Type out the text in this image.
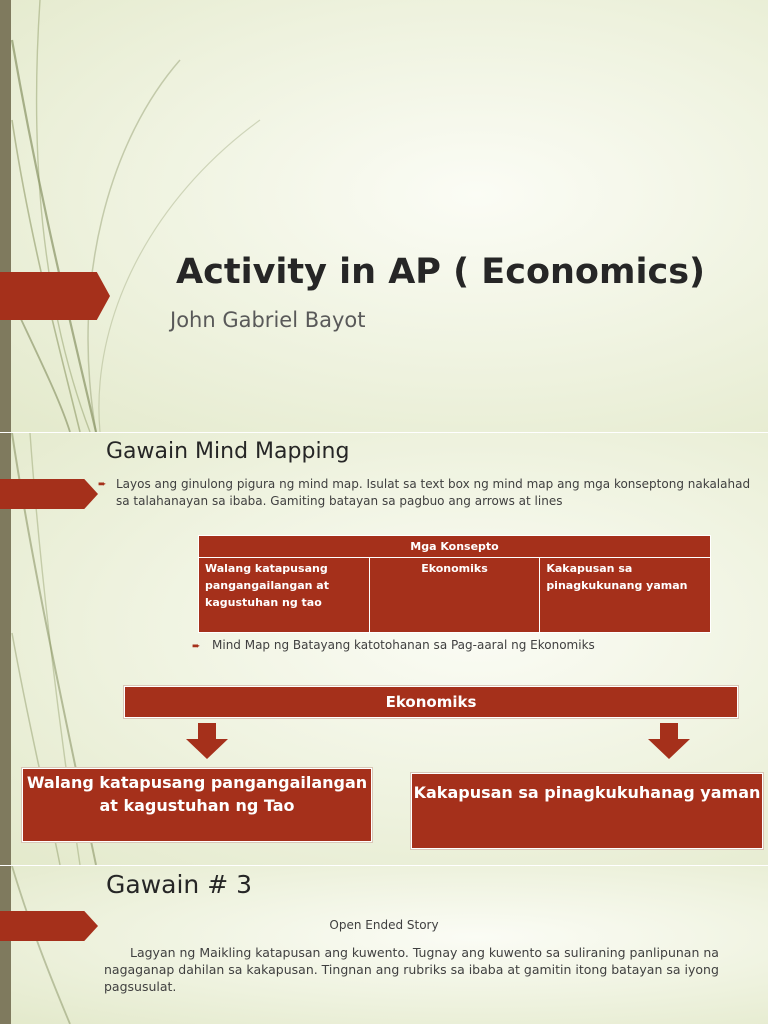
Activity in AP ( Economics)
John Gabriel Bayot
Gawain Mind Mapping
➨ Layos ang ginulong pigura ng mind map. Isulat sa text box ng mind map ang mga konseptong nakalahad sa talahanayan sa ibaba. Gamiting batayan sa pagbuo ang arrows at lines
Mga Konsepto
Walang katapusang pangangailangan at kagustuhan ng tao	Ekonomiks	Kakapusan sa pinagkukunang yaman
➨ Mind Map ng Batayang katotohanan sa Pag-aaral ng Ekonomiks
Ekonomiks
Walang katapusang pangangailangan at kagustuhan ng Tao
Kakapusan sa pinagkukuhanag yaman
Gawain # 3
Open Ended Story
Lagyan ng Maikling katapusan ang kuwento. Tugnay ang kuwento sa suliraning panlipunan na nagaganap dahilan sa kakapusan. Tingnan ang rubriks sa ibaba at gamitin itong batayan sa iyong pagsusulat.
